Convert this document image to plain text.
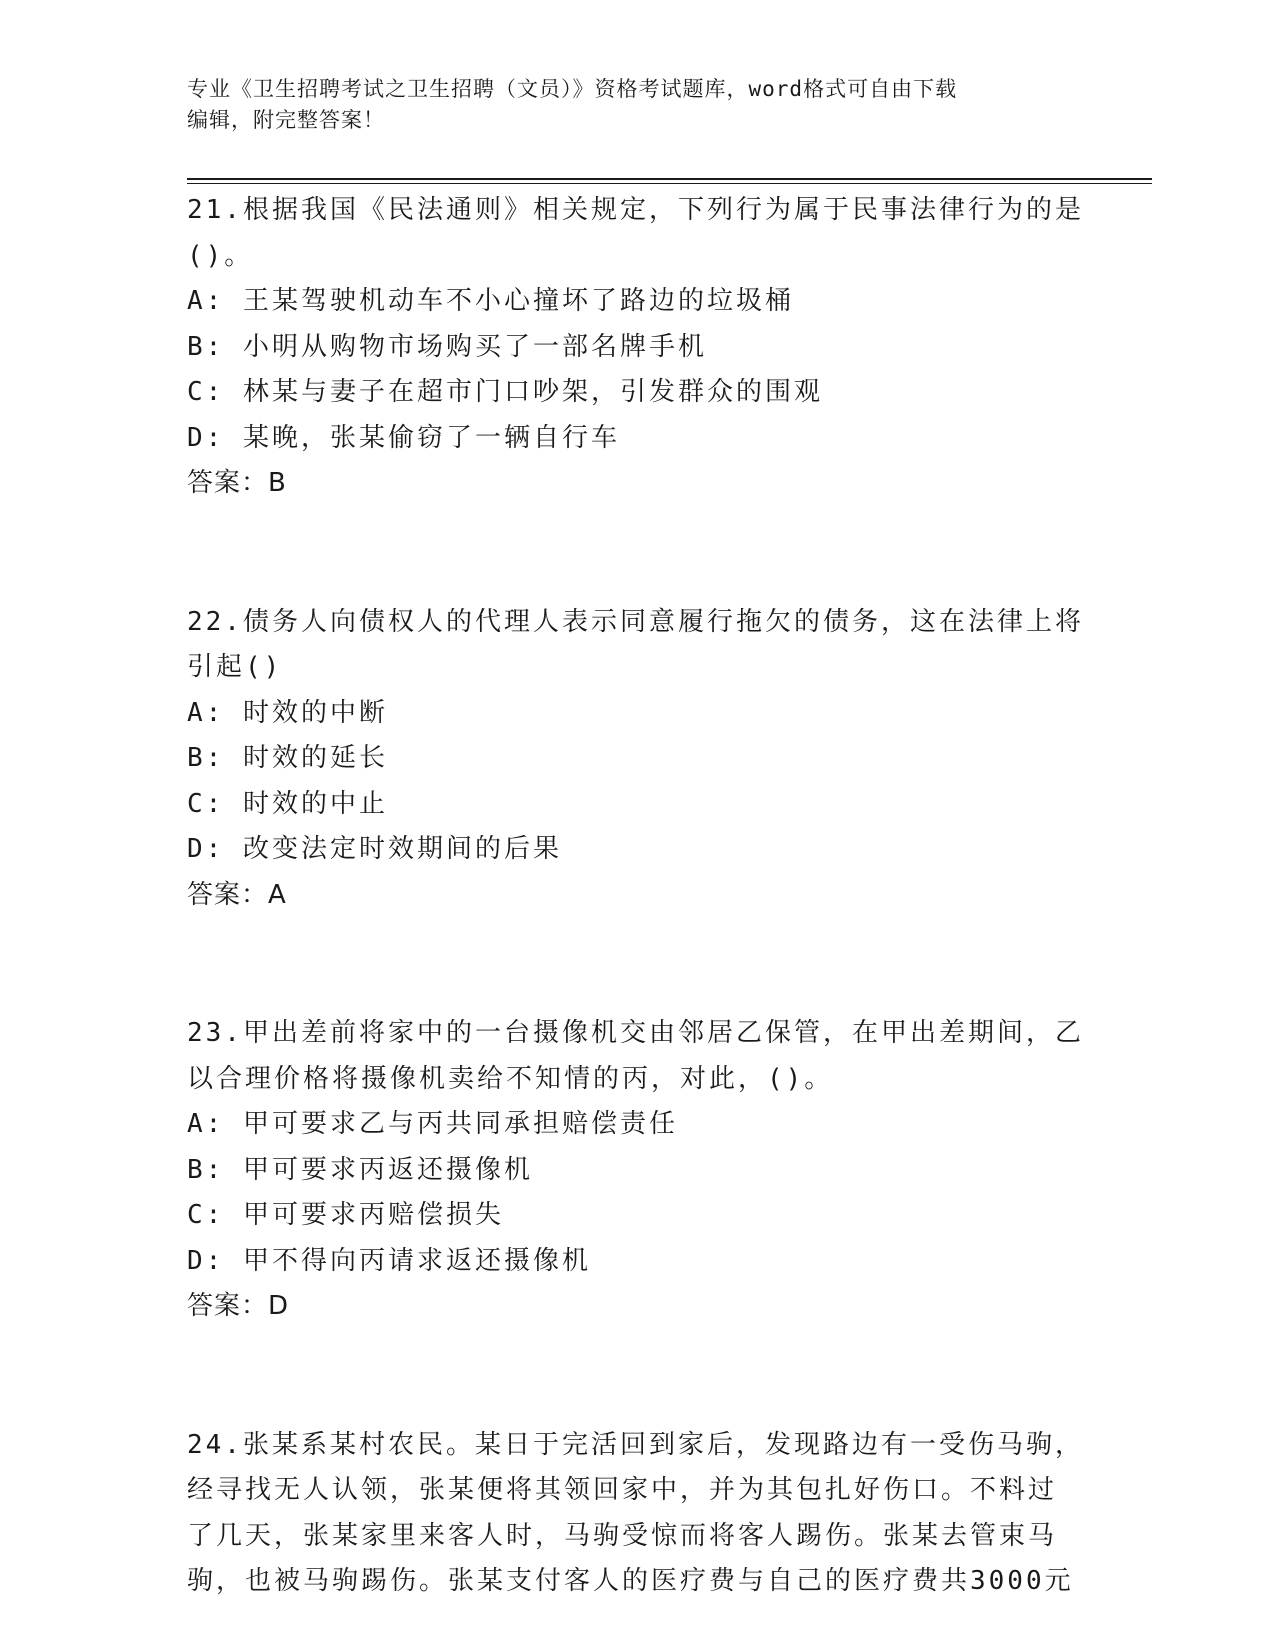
专业《卫生招聘考试之卫生招聘（文员）》资格考试题库，word格式可自由下载
编辑，附完整答案！
21.根据我国《民法通则》相关规定，下列行为属于民事法律行为的是
()。
A: 王某驾驶机动车不小心撞坏了路边的垃圾桶
B: 小明从购物市场购买了一部名牌手机
C: 林某与妻子在超市门口吵架，引发群众的围观
D: 某晚，张某偷窃了一辆自行车
答案：B
22.债务人向债权人的代理人表示同意履行拖欠的债务，这在法律上将
引起()
A: 时效的中断
B: 时效的延长
C: 时效的中止
D: 改变法定时效期间的后果
答案：A
23.甲出差前将家中的一台摄像机交由邻居乙保管，在甲出差期间，乙
以合理价格将摄像机卖给不知情的丙，对此，()。
A: 甲可要求乙与丙共同承担赔偿责任
B: 甲可要求丙返还摄像机
C: 甲可要求丙赔偿损失
D: 甲不得向丙请求返还摄像机
答案：D
24.张某系某村农民。某日于完活回到家后，发现路边有一受伤马驹，
经寻找无人认领，张某便将其领回家中，并为其包扎好伤口。不料过
了几天，张某家里来客人时，马驹受惊而将客人踢伤。张某去管束马
驹，也被马驹踢伤。张某支付客人的医疗费与自己的医疗费共3000元
